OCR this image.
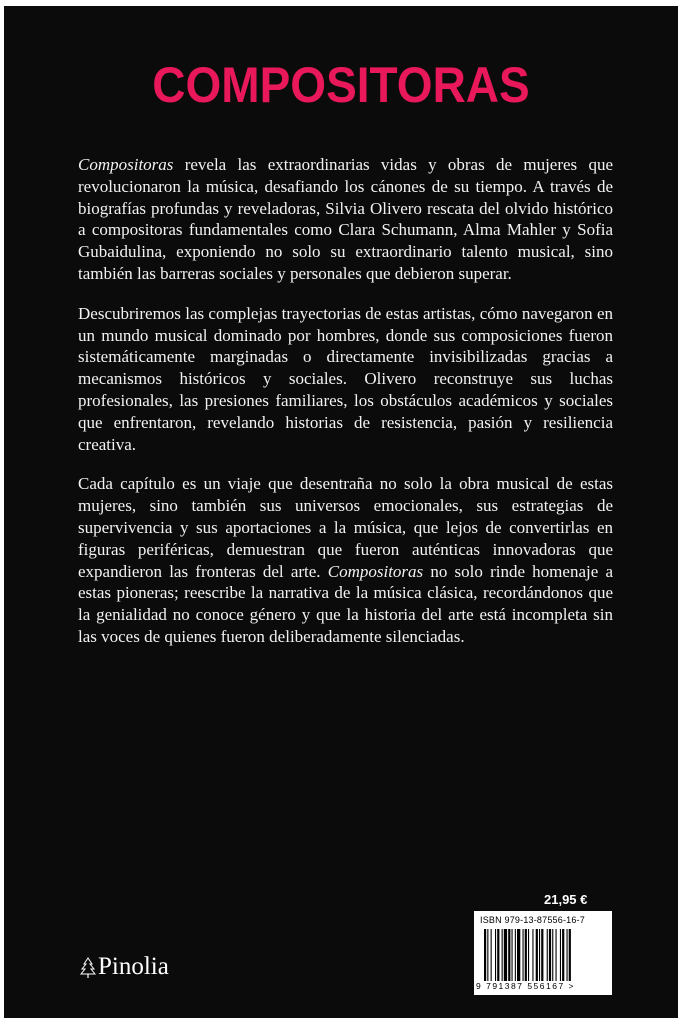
COMPOSITORAS

Compositoras revela las extraordinarias vidas y obras de mujeres que revolucionaron la música, desafiando los cánones de su tiempo. A través de biografías profundas y reveladoras, Silvia Olivero rescata del olvido histórico a compositoras fundamentales como Clara Schumann, Alma Mahler y Sofia Gubaidulina, exponiendo no solo su extraordinario talento musical, sino también las barreras sociales y personales que debieron superar.

Descubriremos las complejas trayectorias de estas artistas, cómo navegaron en un mundo musical dominado por hombres, donde sus composiciones fueron sistemáticamente marginadas o directamente invisibilizadas gracias a mecanismos históricos y sociales. Olivero reconstruye sus luchas profesionales, las presiones familiares, los obstáculos académicos y sociales que enfrentaron, revelando historias de resistencia, pasión y resiliencia creativa.

Cada capítulo es un viaje que desentraña no solo la obra musical de estas mujeres, sino también sus universos emocionales, sus estrategias de supervivencia y sus aportaciones a la música, que lejos de convertirlas en figuras periféricas, demuestran que fueron auténticas innovadoras que expandieron las fronteras del arte. Compositoras no solo rinde homenaje a estas pioneras; reescribe la narrativa de la música clásica, recordándonos que la genialidad no conoce género y que la historia del arte está incompleta sin las voces de quienes fueron deliberadamente silenciadas.

21,95 €
ISBN 979-13-87556-16-7
9 791387 556167 >
Pinolia
